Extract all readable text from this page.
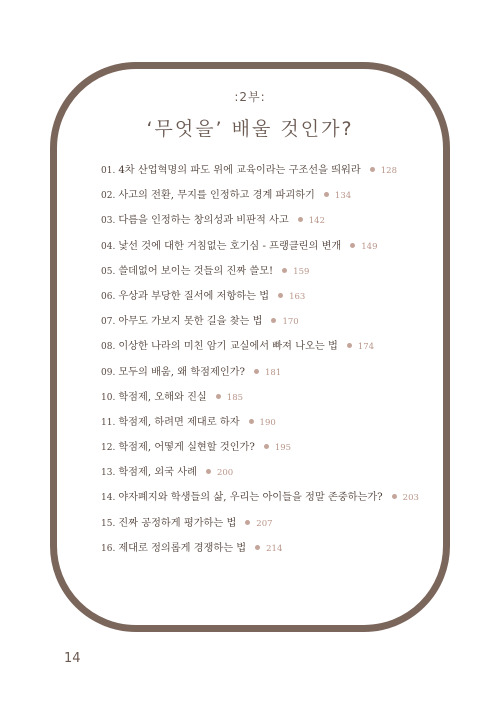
:2부:
‘무엇을’ 배울 것인가?
01. 4차 산업혁명의 파도 위에 교육이라는 구조선을 띄워라 128
02. 사고의 전환, 무지를 인정하고 경계 파괴하기 134
03. 다름을 인정하는 창의성과 비판적 사고 142
04. 낯선 것에 대한 거침없는 호기심 - 프랭클린의 변개 149
05. 쓸데없어 보이는 것들의 진짜 쓸모! 159
06. 우상과 부당한 질서에 저항하는 법 163
07. 아무도 가보지 못한 길을 찾는 법 170
08. 이상한 나라의 미친 암기 교실에서 빠져 나오는 법 174
09. 모두의 배움, 왜 학점제인가? 181
10. 학점제, 오해와 진실 185
11. 학점제, 하려면 제대로 하자 190
12. 학점제, 어떻게 실현할 것인가? 195
13. 학점제, 외국 사례 200
14. 야자폐지와 학생들의 삶, 우리는 아이들을 정말 존중하는가? 203
15. 진짜 공정하게 평가하는 법 207
16. 제대로 정의롭게 경쟁하는 법 214
14
